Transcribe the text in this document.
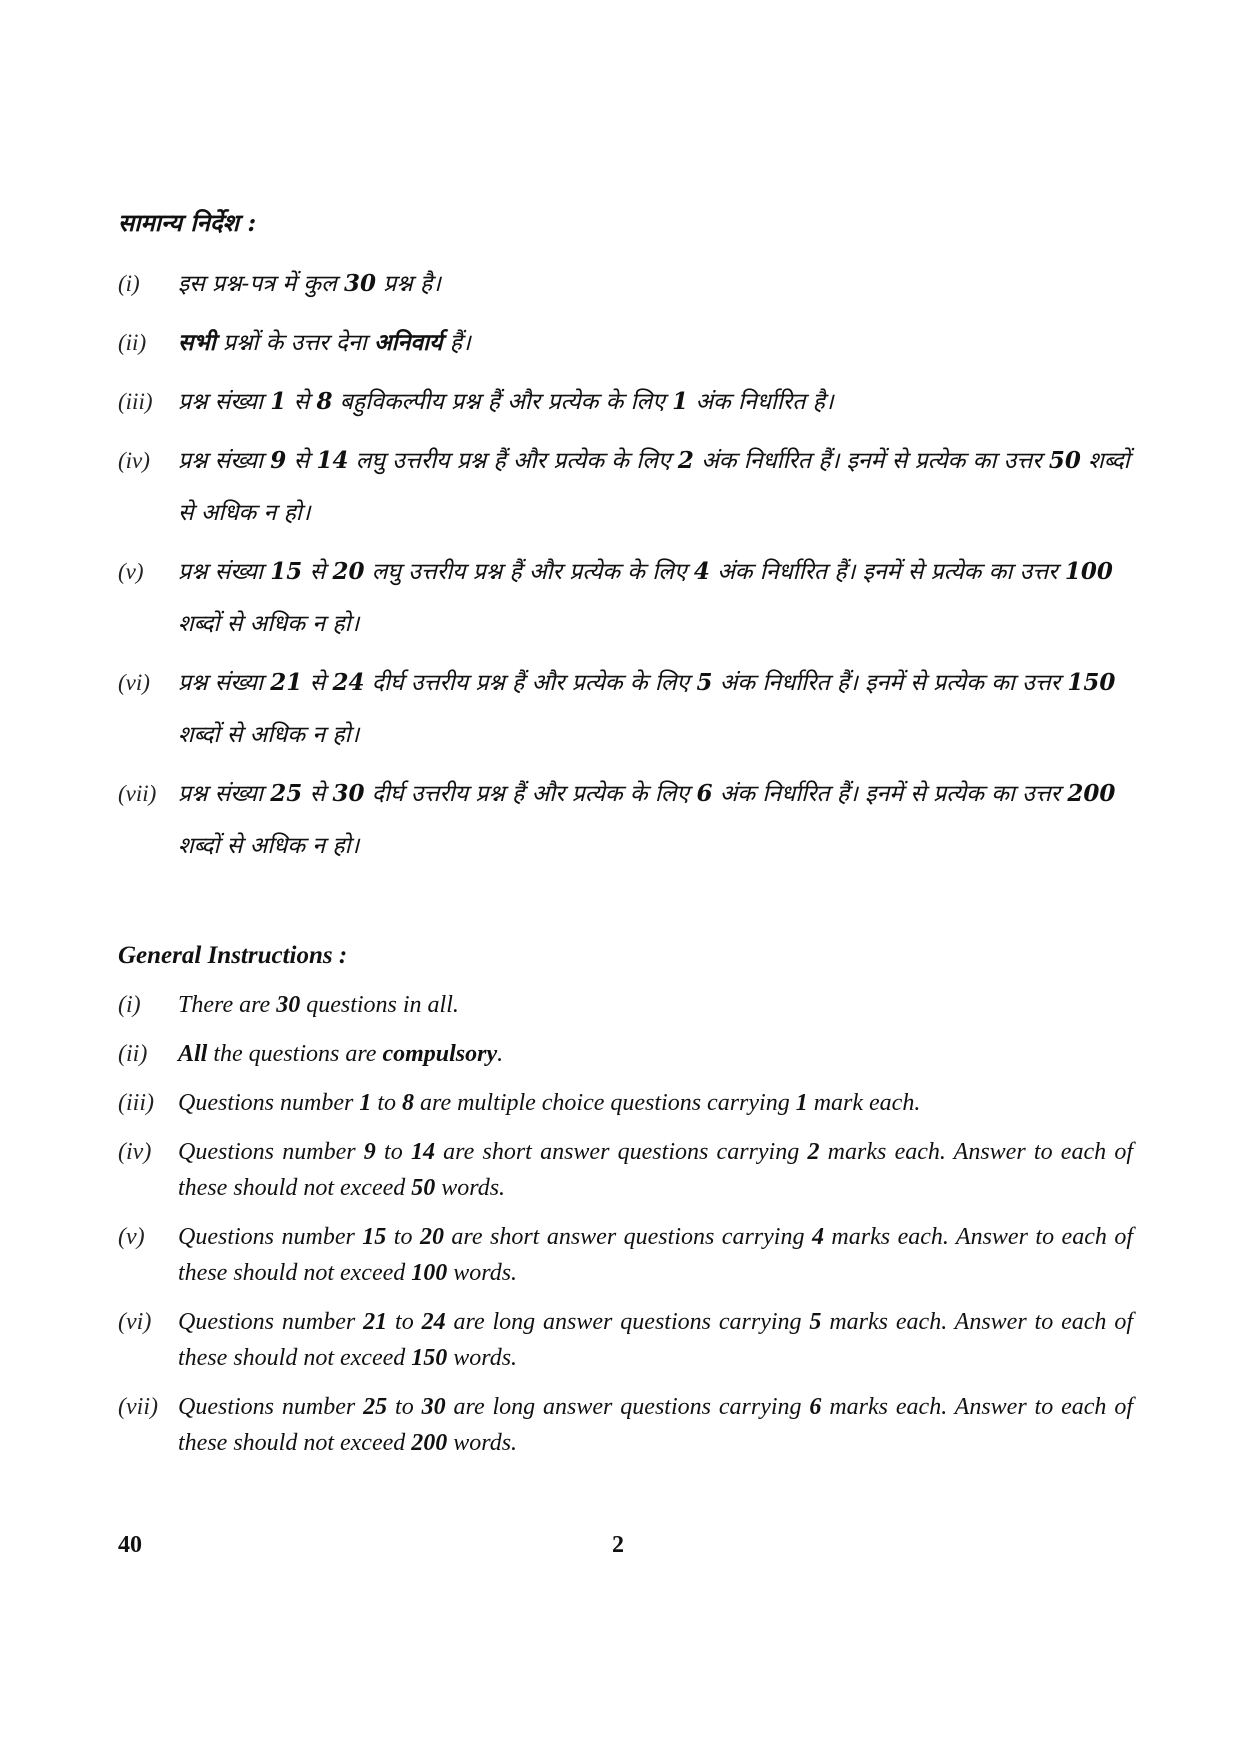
सामान्य निर्देश :
(i)	इस प्रश्न-पत्र में कुल 30 प्रश्न है।
(ii)	सभी प्रश्नों के उत्तर देना अनिवार्य हैं।
(iii)	प्रश्न संख्या 1 से 8 बहुविकल्पीय प्रश्न हैं और प्रत्येक के लिए 1 अंक निर्धारित है।
(iv)	प्रश्न संख्या 9 से 14 लघु उत्तरीय प्रश्न हैं और प्रत्येक के लिए 2 अंक निर्धारित हैं। इनमें से प्रत्येक का उत्तर 50 शब्दों से अधिक न हो।
(v)	प्रश्न संख्या 15 से 20 लघु उत्तरीय प्रश्न हैं और प्रत्येक के लिए 4 अंक निर्धारित हैं। इनमें से प्रत्येक का उत्तर 100 शब्दों से अधिक न हो।
(vi)	प्रश्न संख्या 21 से 24 दीर्घ उत्तरीय प्रश्न हैं और प्रत्येक के लिए 5 अंक निर्धारित हैं। इनमें से प्रत्येक का उत्तर 150 शब्दों से अधिक न हो।
(vii) प्रश्न संख्या 25 से 30 दीर्घ उत्तरीय प्रश्न हैं और प्रत्येक के लिए 6 अंक निर्धारित हैं। इनमें से प्रत्येक का उत्तर 200 शब्दों से अधिक न हो।
General Instructions :
(i)	There are 30 questions in all.
(ii)	All the questions are compulsory.
(iii)	Questions number 1 to 8 are multiple choice questions carrying 1 mark each.
(iv)	Questions number 9 to 14 are short answer questions carrying 2 marks each. Answer to each of these should not exceed 50 words.
(v)	Questions number 15 to 20 are short answer questions carrying 4 marks each. Answer to each of these should not exceed 100 words.
(vi)	Questions number 21 to 24 are long answer questions carrying 5 marks each. Answer to each of these should not exceed 150 words.
(vii) Questions number 25 to 30 are long answer questions carrying 6 marks each. Answer to each of these should not exceed 200 words.
40	2
